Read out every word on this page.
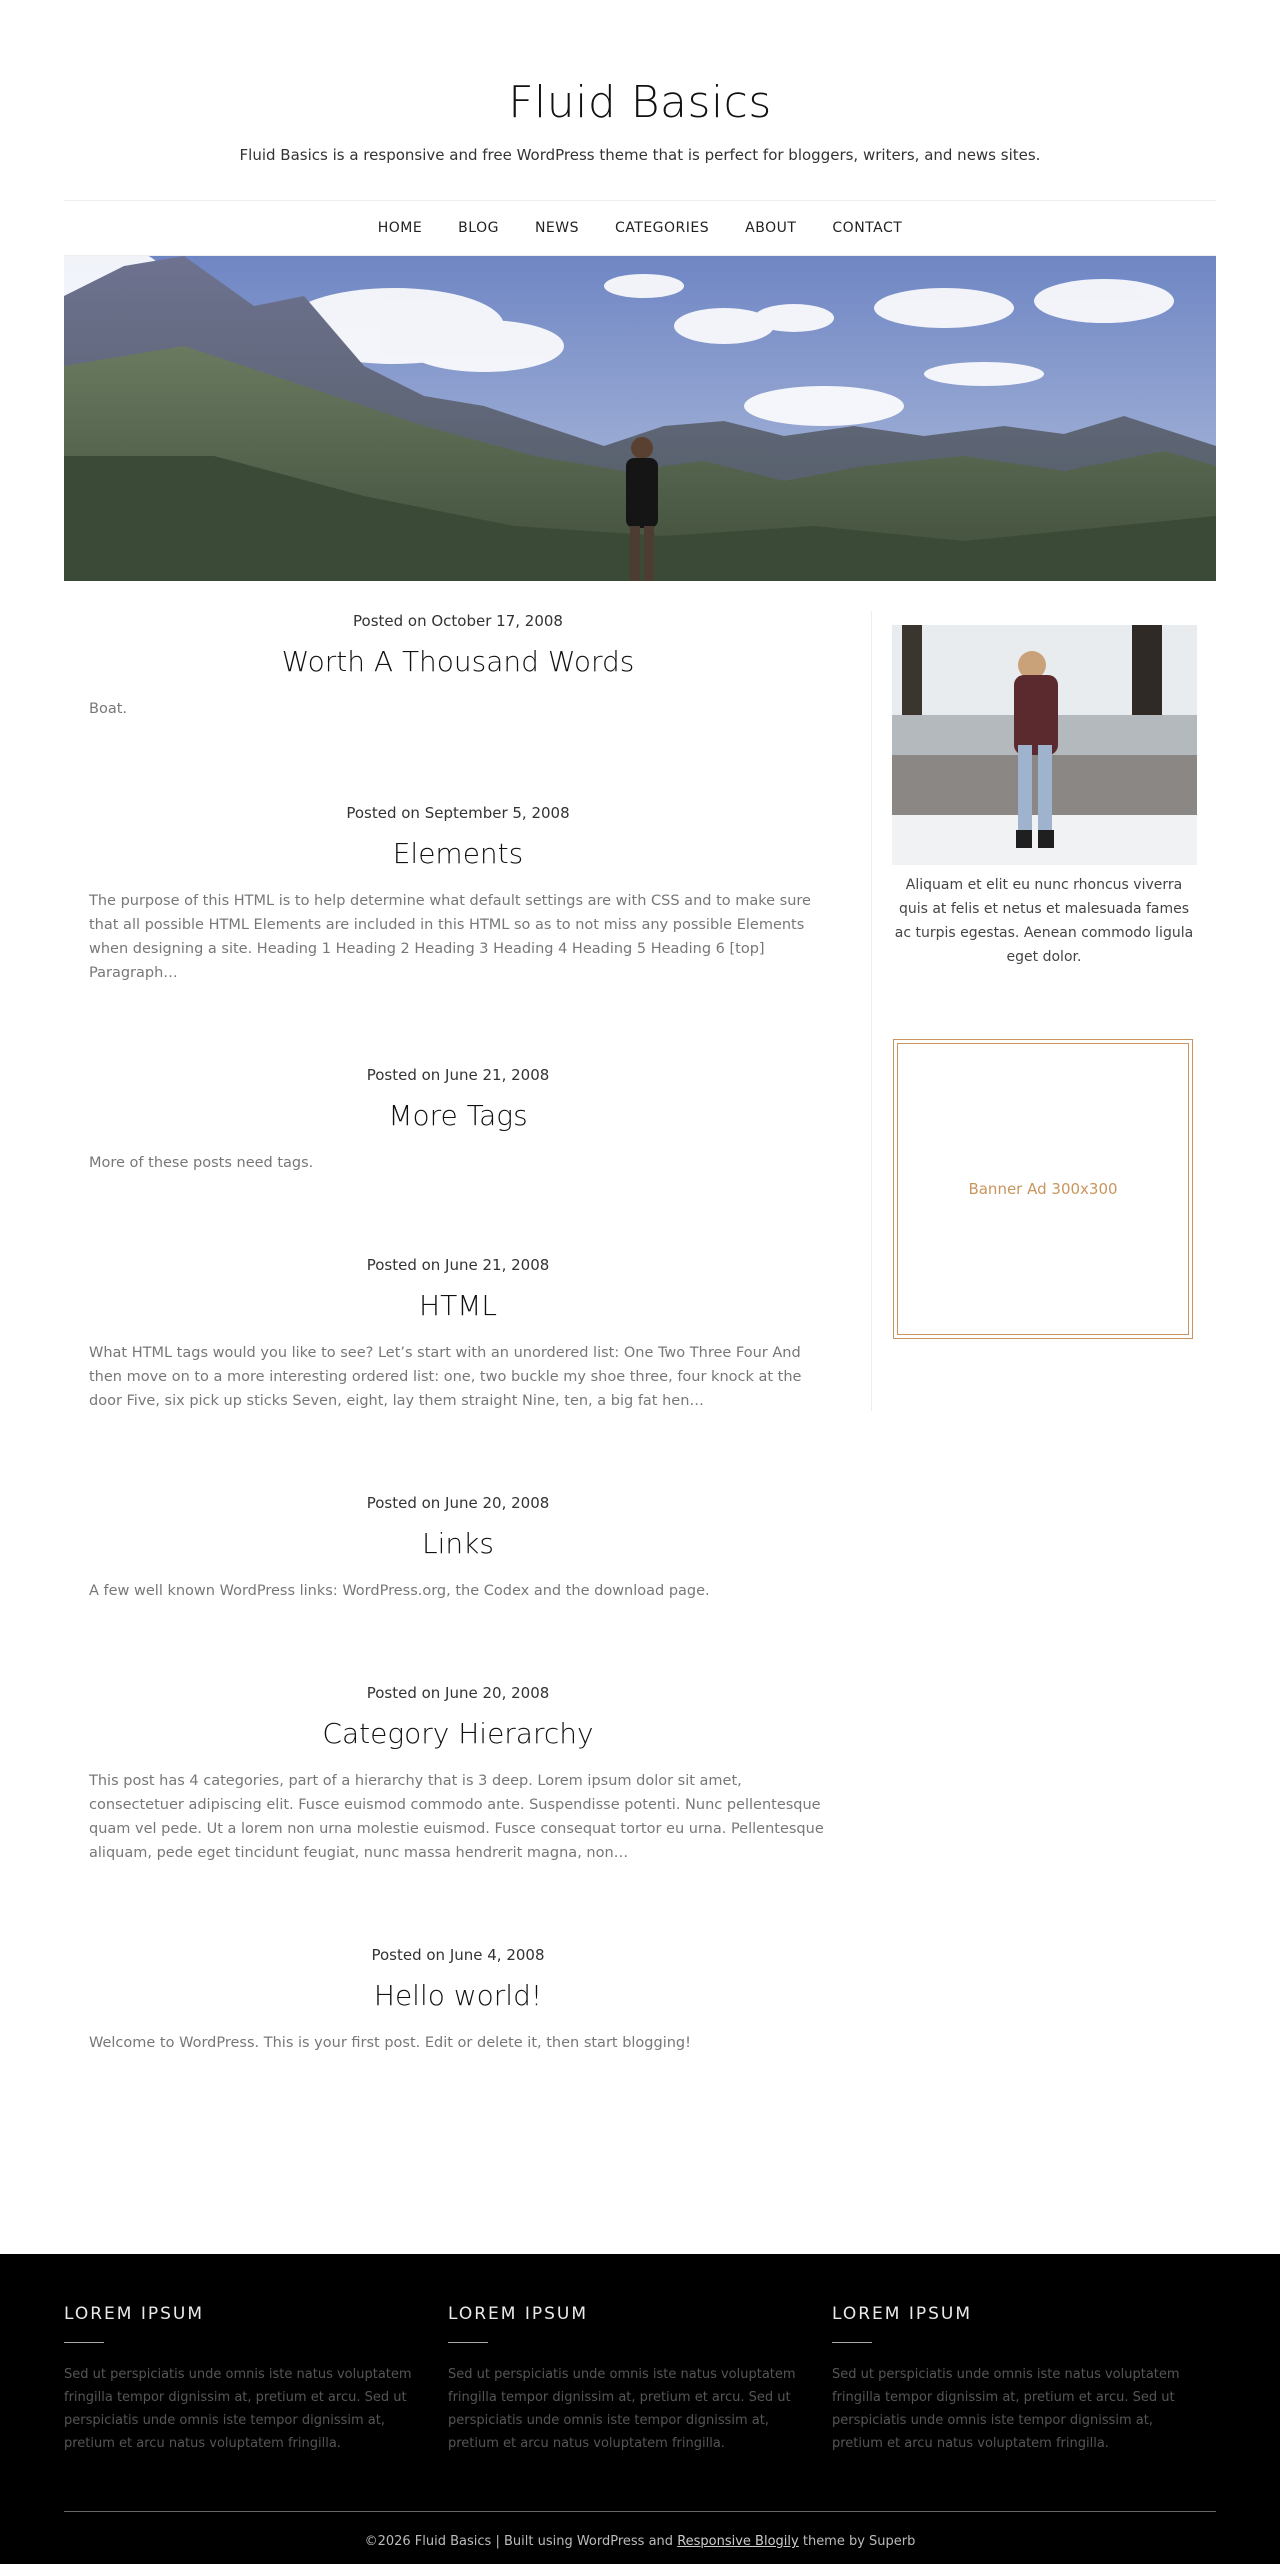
Fluid Basics

Fluid Basics is a responsive and free WordPress theme that is perfect for bloggers, writers, and news sites.

HOME	BLOG	NEWS	CATEGORIES	ABOUT	CONTACT
Posted on October 17, 2008
Worth A Thousand Words

Boat.

Posted on September 5, 2008
Elements

The purpose of this HTML is to help determine what default settings are with CSS and to make sure that all possible HTML Elements are included in this HTML so as to not miss any possible Elements when designing a site. Heading 1 Heading 2 Heading 3 Heading 4 Heading 5 Heading 6 [top] Paragraph…

Posted on June 21, 2008
More Tags

More of these posts need tags.

Posted on June 21, 2008
HTML

What HTML tags would you like to see? Let’s start with an unordered list: One Two Three Four And then move on to a more interesting ordered list: one, two buckle my shoe three, four knock at the door Five, six pick up sticks Seven, eight, lay them straight Nine, ten, a big fat hen…

Posted on June 20, 2008
Links

A few well known WordPress links: WordPress.org, the Codex and the download page.

Posted on June 20, 2008
Category Hierarchy

This post has 4 categories, part of a hierarchy that is 3 deep. Lorem ipsum dolor sit amet, consectetuer adipiscing elit. Fusce euismod commodo ante. Suspendisse potenti. Nunc pellentesque quam vel pede. Ut a lorem non urna molestie euismod. Fusce consequat tortor eu urna. Pellentesque aliquam, pede eget tincidunt feugiat, nunc massa hendrerit magna, non…

Posted on June 4, 2008
Hello world!

Welcome to WordPress. This is your first post. Edit or delete it, then start blogging!

Aliquam et elit eu nunc rhoncus viverra quis at felis et netus et malesuada fames ac turpis egestas. Aenean commodo ligula eget dolor.

Banner Ad 300x300
LOREM IPSUM

Sed ut perspiciatis unde omnis iste natus voluptatem fringilla tempor dignissim at, pretium et arcu. Sed ut perspiciatis unde omnis iste tempor dignissim at, pretium et arcu natus voluptatem fringilla.

LOREM IPSUM

Sed ut perspiciatis unde omnis iste natus voluptatem fringilla tempor dignissim at, pretium et arcu. Sed ut perspiciatis unde omnis iste tempor dignissim at, pretium et arcu natus voluptatem fringilla.

LOREM IPSUM

Sed ut perspiciatis unde omnis iste natus voluptatem fringilla tempor dignissim at, pretium et arcu. Sed ut perspiciatis unde omnis iste tempor dignissim at, pretium et arcu natus voluptatem fringilla.

©2026 Fluid Basics | Built using WordPress and Responsive Blogily theme by Superb
